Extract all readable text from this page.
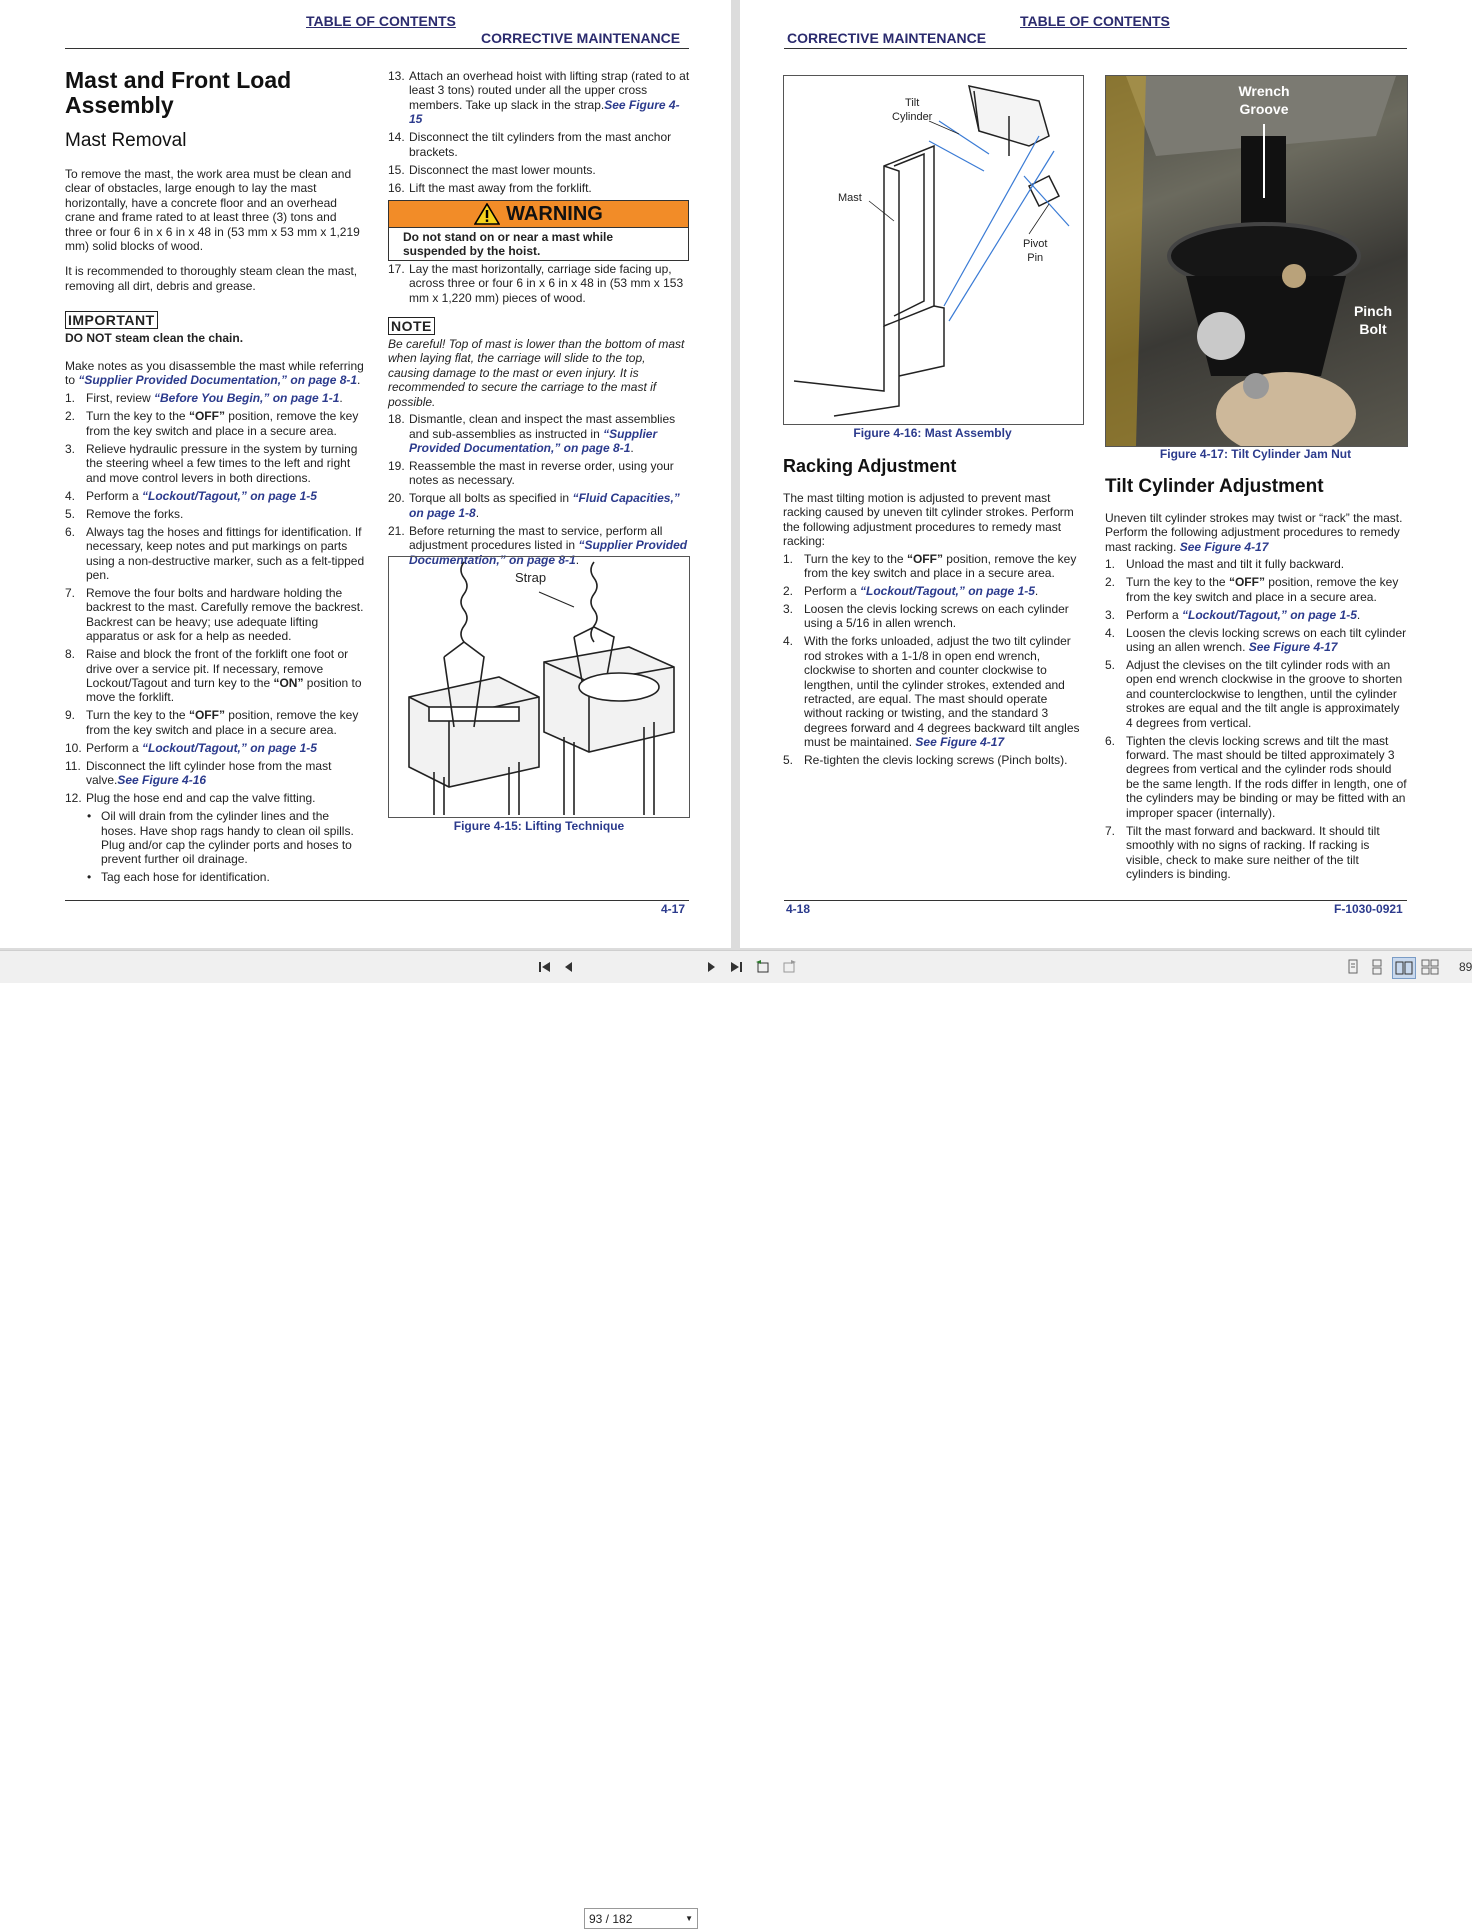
TABLE OF CONTENTS
CORRECTIVE MAINTENANCE
Mast and Front Load
Assembly
Mast Removal

To remove the mast, the work area must be clean and clear of obstacles, large enough to lay the mast horizontally, have a concrete floor and an overhead crane and frame rated to at least three (3) tons and three or four 6 in x 6 in x 48 in (53 mm x 53 mm x 1,219 mm) solid blocks of wood.

It is recommended to thoroughly steam clean the mast, removing all dirt, debris and grease.

IMPORTANT
DO NOT steam clean the chain.

Make notes as you disassemble the mast while referring to “Supplier Provided Documentation,” on page 8-1.

1. First, review “Before You Begin,” on page 1-1.
2. Turn the key to the “OFF” position, remove the key from the key switch and place in a secure area.
3. Relieve hydraulic pressure in the system by turning the steering wheel a few times to the left and right and move control levers in both directions.
4. Perform a “Lockout/Tagout,” on page 1-5
5. Remove the forks.
6. Always tag the hoses and fittings for identification. If necessary, keep notes and put markings on parts using a non-destructive marker, such as a felt-tipped pen.
7. Remove the four bolts and hardware holding the backrest to the mast. Carefully remove the backrest. Backrest can be heavy; use adequate lifting apparatus or ask for a help as needed.
8. Raise and block the front of the forklift one foot or drive over a service pit. If necessary, remove Lockout/Tagout and turn key to the “ON” position to move the forklift.
9. Turn the key to the “OFF” position, remove the key from the key switch and place in a secure area.
10. Perform a “Lockout/Tagout,” on page 1-5
11. Disconnect the lift cylinder hose from the mast valve.See Figure 4-16
12. Plug the hose end and cap the valve fitting.
• Oil will drain from the cylinder lines and the hoses. Have shop rags handy to clean oil spills. Plug and/or cap the cylinder ports and hoses to prevent further oil drainage.
• Tag each hose for identification.
13. Attach an overhead hoist with lifting strap (rated to at least 3 tons) routed under all the upper cross members. Take up slack in the strap.See Figure 4-15
14. Disconnect the tilt cylinders from the mast anchor brackets.
15. Disconnect the mast lower mounts.
16. Lift the mast away from the forklift.
WARNING
Do not stand on or near a mast while suspended by the hoist.
17. Lay the mast horizontally, carriage side facing up, across three or four 6 in x 6 in x 48 in (53 mm x 153 mm x 1,220 mm) pieces of wood.
NOTE
Be careful! Top of mast is lower than the bottom of mast when laying flat, the carriage will slide to the top, causing damage to the mast or even injury. It is recommended to secure the carriage to the mast if possible.
18. Dismantle, clean and inspect the mast assemblies and sub-assemblies as instructed in “Supplier Provided Documentation,” on page 8-1.
19. Reassemble the mast in reverse order, using your notes as necessary.
20. Torque all bolts as specified in “Fluid Capacities,” on page 1-8.
21. Before returning the mast to service, perform all adjustment procedures listed in “Supplier Provided Documentation,” on page 8-1.
Strap
Figure 4-15: Lifting Technique
4-17
TABLE OF CONTENTS
CORRECTIVE MAINTENANCE
Tilt
Cylinder
Mast
Pivot
Pin
Figure 4-16: Mast Assembly
Wrench
Groove
Pinch
Bolt
Figure 4-17: Tilt Cylinder Jam Nut
Racking Adjustment

The mast tilting motion is adjusted to prevent mast racking caused by uneven tilt cylinder strokes. Perform the following adjustment procedures to remedy mast racking:

1. Turn the key to the “OFF” position, remove the key from the key switch and place in a secure area.
2. Perform a “Lockout/Tagout,” on page 1-5.
3. Loosen the clevis locking screws on each cylinder using a 5/16 in allen wrench.
4. With the forks unloaded, adjust the two tilt cylinder rod strokes with a 1-1/8 in open end wrench, clockwise to shorten and counter clockwise to lengthen, until the cylinder strokes, extended and retracted, are equal. The mast should operate without racking or twisting, and the standard 3 degrees forward and 4 degrees backward tilt angles must be maintained. See Figure 4-17
5. Re-tighten the clevis locking screws (Pinch bolts).
Tilt Cylinder Adjustment

Uneven tilt cylinder strokes may twist or “rack” the mast. Perform the following adjustment procedures to remedy mast racking. See Figure 4-17

1. Unload the mast and tilt it fully backward.
2. Turn the key to the “OFF” position, remove the key from the key switch and place in a secure area.
3. Perform a “Lockout/Tagout,” on page 1-5.
4. Loosen the clevis locking screws on each tilt cylinder using an allen wrench. See Figure 4-17
5. Adjust the clevises on the tilt cylinder rods with an open end wrench clockwise in the groove to shorten and counterclockwise to lengthen, until the cylinder strokes are equal and the tilt angle is approximately 4 degrees from vertical.
6. Tighten the clevis locking screws and tilt the mast forward. The mast should be tilted approximately 3 degrees from vertical and the cylinder rods should be the same length. If the rods differ in length, one of the cylinders may be binding or may be fitted with an improper spacer (internally).
7. Tilt the mast forward and backward. It should tilt smoothly with no signs of racking. If racking is visible, check to make sure neither of the tilt cylinders is binding.
4-18	F-1030-0921
93 / 182	▼
89
